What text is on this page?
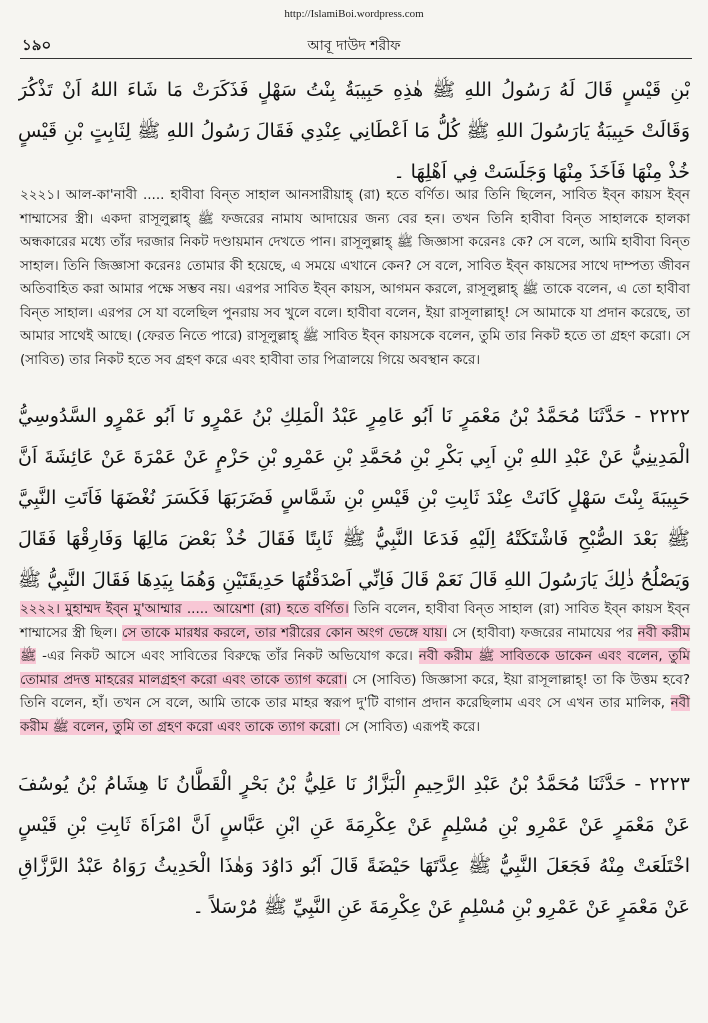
http://IslamiBoi.wordpress.com
১৯০	আবূ দাউদ শরীফ
بْنِ قَيْسٍ قَالَ لَهُ رَسُولُ اللهِ ﷺ هٰذِهِ حَبِيبَةُ بِنْتُ سَهْلٍ فَذَكَرَتْ مَا شَاءَ اللهُ اَنْ تَذْكُرَ وَقَالَتْ حَبِيبَةُ يَارَسُولَ اللهِ ﷺ كُلُّ مَا اَعْطَانِي عِنْدِي فَقَالَ رَسُولُ اللهِ ﷺ لِثَابِتٍ بْنِ قَيْسٍ خُذْ مِنْهَا فَاَخَذَ مِنْهَا وَجَلَسَتْ فِي اَهْلِهَا ۔
২২২১। আল-কা'নাবী ..... হাবীবা বিন্‌ত সাহাল আনসারীয়াহ্ (রা) হতে বর্ণিত। আর তিনি ছিলেন, সাবিত ইব্‌ন কায়স ইব্‌ন শাম্মাসের স্ত্রী। একদা রাসূলুল্লাহ্ ﷺ ফজরের নামায আদায়ের জন্য বের হন। তখন তিনি হাবীবা বিন্‌ত সাহালকে হালকা অন্ধকারের মধ্যে তাঁর দরজার নিকট দণ্ডায়মান দেখতে পান। রাসূলুল্লাহ্ ﷺ জিজ্ঞাসা করেনঃ কে? সে বলে, আমি হাবীবা বিন্‌ত সাহাল। তিনি জিজ্ঞাসা করেনঃ তোমার কী হয়েছে, এ সময়ে এখানে কেন? সে বলে, সাবিত ইব্‌ন কায়সের সাথে দাম্পত্য জীবন অতিবাহিত করা আমার পক্ষে সম্ভব নয়। এরপর সাবিত ইব্‌ন কায়স, আগমন করলে, রাসূলুল্লাহ্ ﷺ তাকে বলেন, এ তো হাবীবা বিন্‌ত সাহাল। এরপর সে যা বলেছিল পুনরায় সব খুলে বলে। হাবীবা বলেন, ইয়া রাসূলাল্লাহ্! সে আমাকে যা প্রদান করেছে, তা আমার সাথেই আছে। (ফেরত নিতে পারে) রাসূলুল্লাহ্ ﷺ সাবিত ইব্‌ন কায়সকে বলেন, তুমি তার নিকট হতে তা গ্রহণ করো। সে (সাবিত) তার নিকট হতে সব গ্রহণ করে এবং হাবীবা তার পিত্রালয়ে গিয়ে অবস্থান করে।
٢٢٢٢ - حَدَّثَنَا مُحَمَّدُ بْنُ مَعْمَرٍ نَا اَبُو عَامِرٍ عَبْدُ الْمَلِكِ بْنُ عَمْرٍو نَا اَبُو عَمْرٍو السَّدُوسِيُّ الْمَدِينِيُّ عَنْ عَبْدِ اللهِ بْنِ اَبِي بَكْرِ بْنِ مُحَمَّدِ بْنِ عَمْرِو بْنِ حَزْمٍ عَنْ عَمْرَةَ عَنْ عَائِشَةَ اَنَّ حَبِيبَةَ بِنْتَ سَهْلٍ كَانَتْ عِنْدَ ثَابِتِ بْنِ قَيْسِ بْنِ شَمَّاسٍ فَضَرَبَهَا فَكَسَرَ نُغْضَهَا فَاَتَتِ النَّبِيَّ ﷺ بَعْدَ الصُّبْحِ فَاشْتَكَتْهُ اِلَيْهِ فَدَعَا النَّبِيُّ ﷺ ثَابِتًا فَقَالَ خُذْ بَعْضَ مَالِهَا وَفَارِقْهَا فَقَالَ وَيَصْلُحُ ذٰلِكَ يَارَسُولَ اللهِ قَالَ نَعَمْ قَالَ فَاِنِّي اَصْدَقْتُهَا حَدِيقَتَيْنِ وَهُمَا بِيَدِهَا فَقَالَ النَّبِيُّ ﷺ
২২২২। মুহাম্মদ ইব্‌ন মু'আম্মার ..... আয়েশা (রা) হতে বর্ণিত। তিনি বলেন, হাবীবা বিন্‌ত সাহাল (রা) সাবিত ইব্‌ন কায়স ইব্‌ন শাম্মাসের স্ত্রী ছিল। সে তাকে মারধর করলে, তার শরীরের কোন অংগ ভেঙ্গে যায়। সে (হাবীবা) ফজরের নামাযের পর নবী করীম ﷺ -এর নিকট আসে এবং সাবিতের বিরুদ্ধে তাঁর নিকট অভিযোগ করে। নবী করীম ﷺ সাবিতকে ডাকেন এবং বলেন, তুমি তোমার প্রদত্ত মাহরের মালগ্রহণ করো এবং তাকে ত্যাগ করো। সে (সাবিত) জিজ্ঞাসা করে, ইয়া রাসূলাল্লাহ্! তা কি উত্তম হবে? তিনি বলেন, হাঁ। তখন সে বলে, আমি তাকে তার মাহর স্বরূপ দু'টি বাগান প্রদান করেছিলাম এবং সে এখন তার মালিক, নবী করীম ﷺ বলেন, তুমি তা গ্রহণ করো এবং তাকে ত্যাগ করো। সে (সাবিত) এরূপই করে।
٢٢٢٣ - حَدَّثَنَا مُحَمَّدُ بْنُ عَبْدِ الرَّحِيمِ الْبَزَّازُ نَا عَلِيُّ بْنُ بَحْرٍ الْقَطَّانُ نَا هِشَامُ بْنُ يُوسُفَ عَنْ مَعْمَرٍ عَنْ عَمْرِو بْنِ مُسْلِمٍ عَنْ عِكْرِمَةَ عَنِ ابْنِ عَبَّاسٍ اَنَّ امْرَاَةَ ثَابِتِ بْنِ قَيْسٍ اخْتَلَعَتْ مِنْهُ فَجَعَلَ النَّبِيُّ ﷺ عِدَّتَهَا حَيْضَةً قَالَ اَبُو دَاوُدَ وَهٰذَا الْحَدِيثُ رَوَاهُ عَبْدُ الرَّزَّاقِ عَنْ مَعْمَرٍ عَنْ عَمْرِو بْنِ مُسْلِمٍ عَنْ عِكْرِمَةَ عَنِ النَّبِيِّ ﷺ مُرْسَلاً ۔
